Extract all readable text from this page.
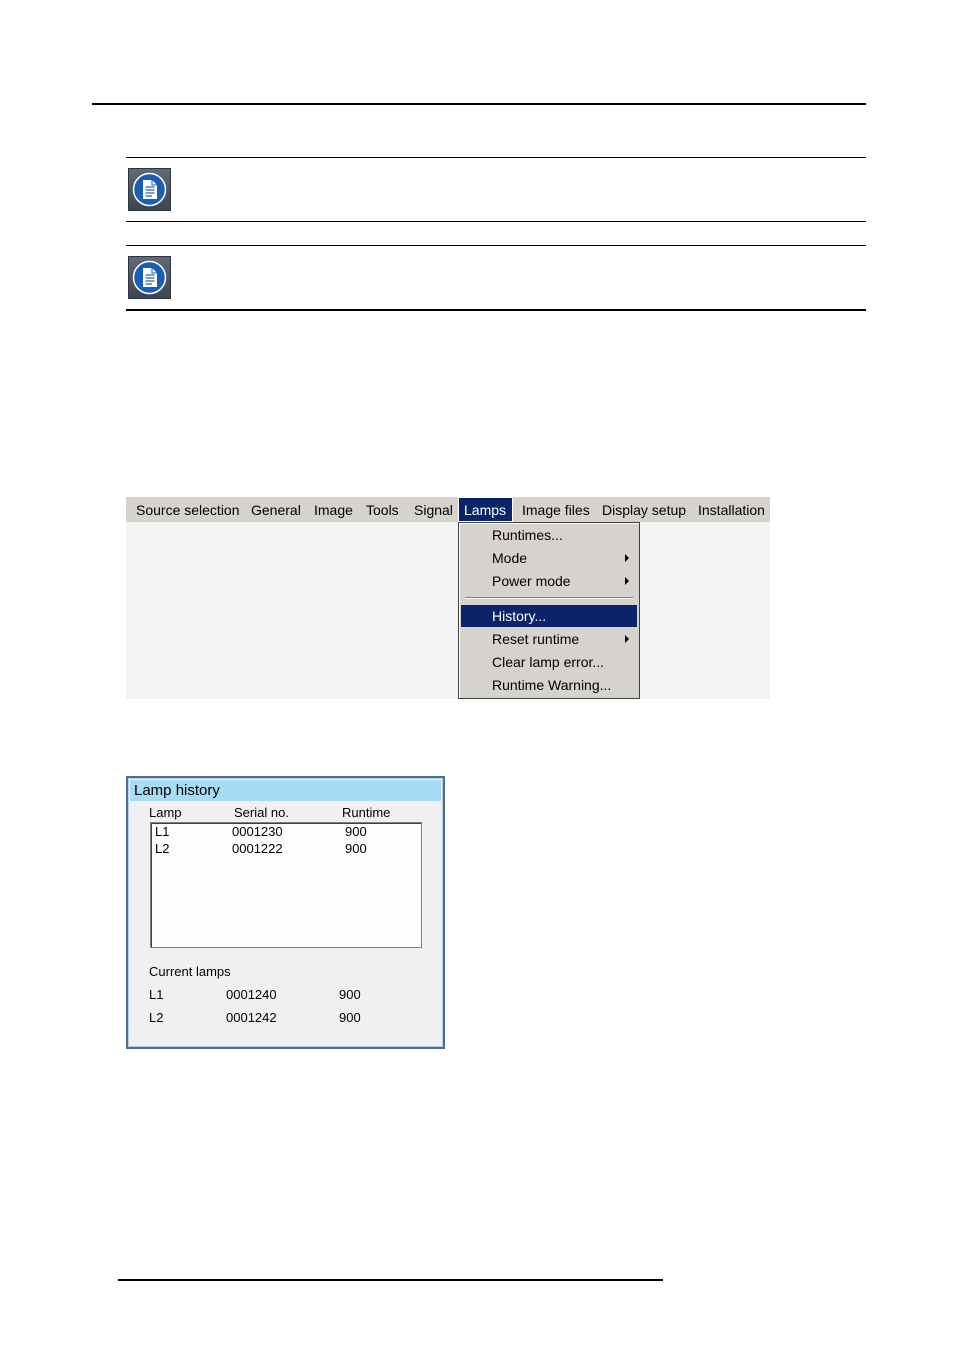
Source selection General Image Tools	Signal Lamps	Image files Display setup Installation
Runtimes...
Mode
Power mode
History...
Reset runtime
Clear lamp error...
Runtime Warning...
Lamp history
Lamp	Serial no.	Runtime
L1	0001230	900
L2	0001222	900
Current lamps
L1	0001240	900
L2	0001242	900
